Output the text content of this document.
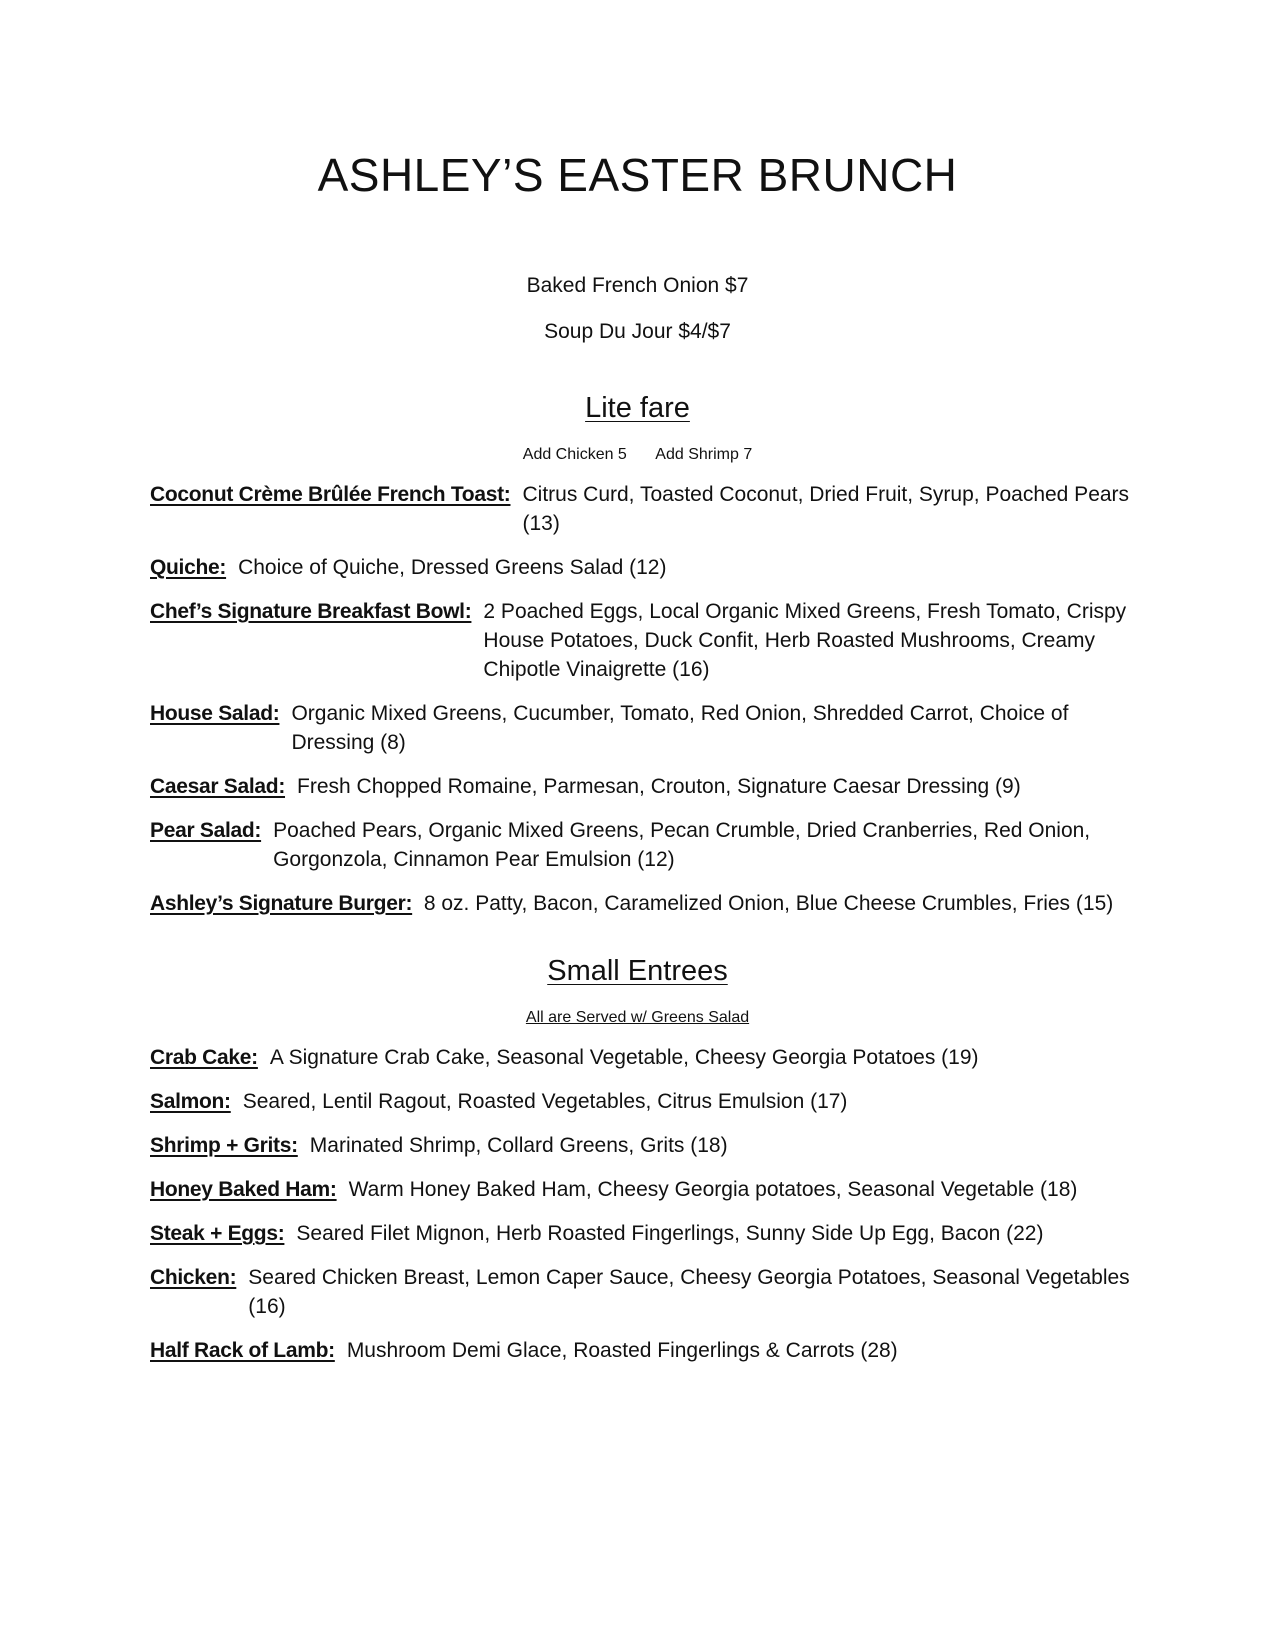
ASHLEY’S EASTER BRUNCH
Baked French Onion $7
Soup Du Jour $4/$7
Lite fare
Add Chicken 5 Add Shrimp 7
Coconut Crème Brûlée French Toast: Citrus Curd, Toasted Coconut, Dried Fruit, Syrup, Poached Pears (13)
Quiche: Choice of Quiche, Dressed Greens Salad (12)
Chef’s Signature Breakfast Bowl: 2 Poached Eggs, Local Organic Mixed Greens, Fresh Tomato, Crispy House Potatoes, Duck Confit, Herb Roasted Mushrooms, Creamy Chipotle Vinaigrette (16)
House Salad: Organic Mixed Greens, Cucumber, Tomato, Red Onion, Shredded Carrot, Choice of Dressing (8)
Caesar Salad: Fresh Chopped Romaine, Parmesan, Crouton, Signature Caesar Dressing (9)
Pear Salad: Poached Pears, Organic Mixed Greens, Pecan Crumble, Dried Cranberries, Red Onion, Gorgonzola, Cinnamon Pear Emulsion (12)
Ashley’s Signature Burger: 8 oz. Patty, Bacon, Caramelized Onion, Blue Cheese Crumbles, Fries (15)
Small Entrees
All are Served w/ Greens Salad
Crab Cake: A Signature Crab Cake, Seasonal Vegetable, Cheesy Georgia Potatoes (19)
Salmon: Seared, Lentil Ragout, Roasted Vegetables, Citrus Emulsion (17)
Shrimp + Grits: Marinated Shrimp, Collard Greens, Grits (18)
Honey Baked Ham: Warm Honey Baked Ham, Cheesy Georgia potatoes, Seasonal Vegetable (18)
Steak + Eggs: Seared Filet Mignon, Herb Roasted Fingerlings, Sunny Side Up Egg, Bacon (22)
Chicken: Seared Chicken Breast, Lemon Caper Sauce, Cheesy Georgia Potatoes, Seasonal Vegetables (16)
Half Rack of Lamb: Mushroom Demi Glace, Roasted Fingerlings & Carrots (28)
